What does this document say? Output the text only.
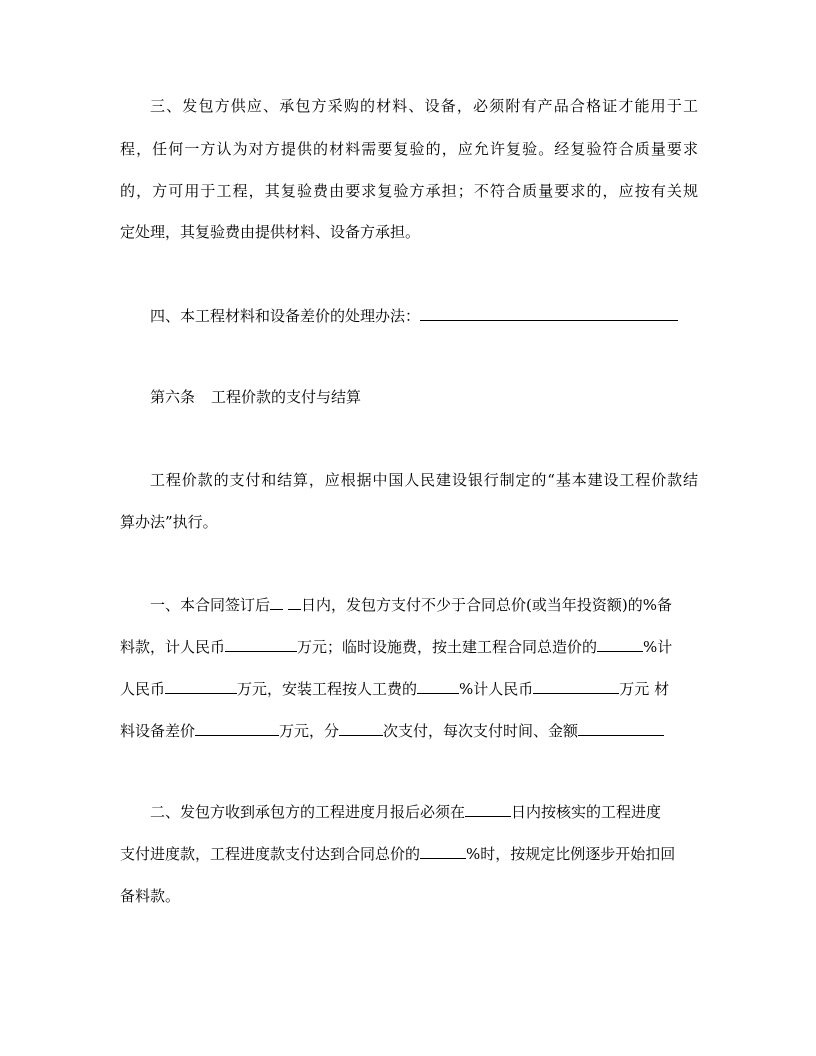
三、发包方供应、承包方采购的材料、设备，必须附有产品合格证才能用于工
程，任何一方认为对方提供的材料需要复验的，应允许复验。经复验符合质量要求
的，方可用于工程，其复验费由要求复验方承担；不符合质量要求的，应按有关规
定处理，其复验费由提供材料、设备方承担。
四、本工程材料和设备差价的处理办法：
第六条 工程价款的支付与结算
工程价款的支付和结算，应根据中国人民建设银行制定的“基本建设工程价款结
算办法”执行。
一、本合同签订后 日内，发包方支付不少于合同总价(或当年投资额)的%备
料款，计人民币	万元；临时设施费，按土建工程合同总造价的	%计
人民币	万元，安装工程按人工费的	%计人民币	万元 材
料设备差价	万元，分	次支付，每次支付时间、金额
二、发包方收到承包方的工程进度月报后必须在	日内按核实的工程进度
支付进度款，工程进度款支付达到合同总价的	%时，按规定比例逐步开始扣回
备料款。
